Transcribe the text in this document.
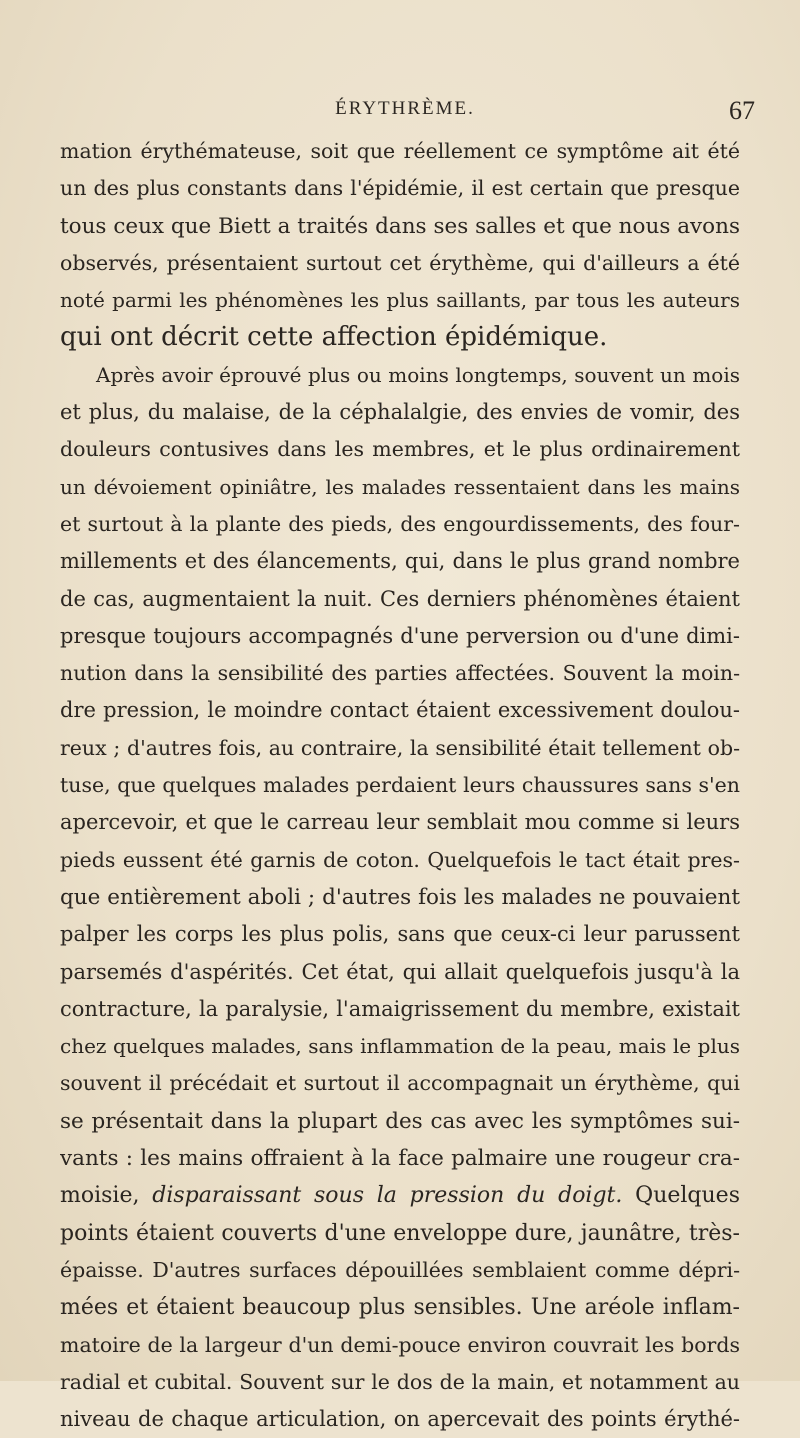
ÉRYTHRÈME.	67
mation érythémateuse, soit que réellement ce symptôme ait été
un des plus constants dans l'épidémie, il est certain que presque
tous ceux que Biett a traités dans ses salles et que nous avons
observés, présentaient surtout cet érythème, qui d'ailleurs a été
noté parmi les phénomènes les plus saillants, par tous les auteurs
qui ont décrit cette affection épidémique.
Après avoir éprouvé plus ou moins longtemps, souvent un mois
et plus, du malaise, de la céphalalgie, des envies de vomir, des
douleurs contusives dans les membres, et le plus ordinairement
un dévoiement opiniâtre, les malades ressentaient dans les mains
et surtout à la plante des pieds, des engourdissements, des four-
millements et des élancements, qui, dans le plus grand nombre
de cas, augmentaient la nuit. Ces derniers phénomènes étaient
presque toujours accompagnés d'une perversion ou d'une dimi-
nution dans la sensibilité des parties affectées. Souvent la moin-
dre pression, le moindre contact étaient excessivement doulou-
reux ; d'autres fois, au contraire, la sensibilité était tellement ob-
tuse, que quelques malades perdaient leurs chaussures sans s'en
apercevoir, et que le carreau leur semblait mou comme si leurs
pieds eussent été garnis de coton. Quelquefois le tact était pres-
que entièrement aboli ; d'autres fois les malades ne pouvaient
palper les corps les plus polis, sans que ceux-ci leur parussent
parsemés d'aspérités. Cet état, qui allait quelquefois jusqu'à la
contracture, la paralysie, l'amaigrissement du membre, existait
chez quelques malades, sans inflammation de la peau, mais le plus
souvent il précédait et surtout il accompagnait un érythème, qui
se présentait dans la plupart des cas avec les symptômes sui-
vants : les mains offraient à la face palmaire une rougeur cra-
moisie, disparaissant sous la pression du doigt. Quelques
points étaient couverts d'une enveloppe dure, jaunâtre, très-
épaisse. D'autres surfaces dépouillées semblaient comme dépri-
mées et étaient beaucoup plus sensibles. Une aréole inflam-
matoire de la largeur d'un demi-pouce environ couvrait les bords
radial et cubital. Souvent sur le dos de la main, et notamment au
niveau de chaque articulation, on apercevait des points érythé-
